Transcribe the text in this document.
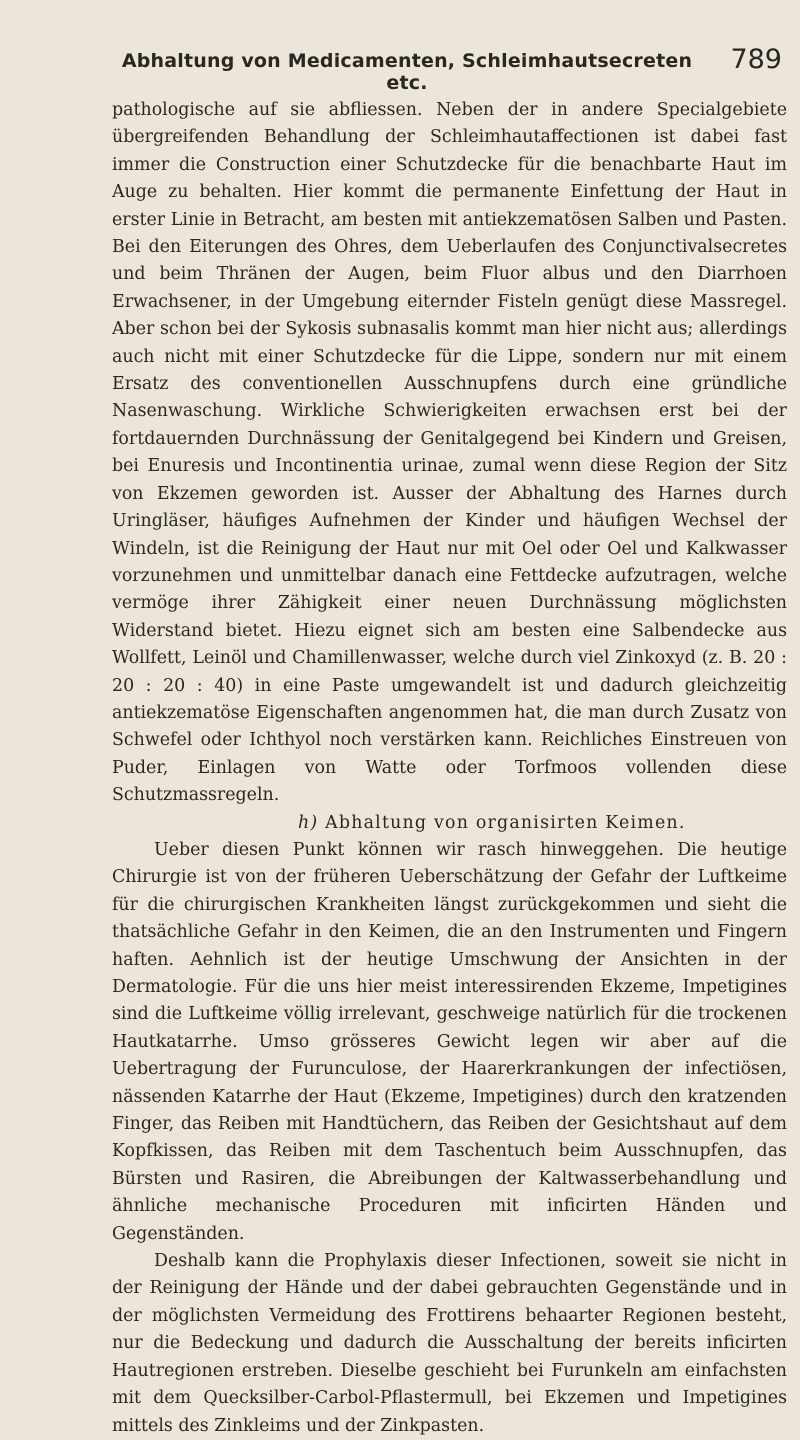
Abhaltung von Medicamenten, Schleimhautsecreten etc.
789

pathologische auf sie abfliessen. Neben der in andere Specialgebiete übergreifenden Behandlung der Schleimhautaffectionen ist dabei fast immer die Construction einer Schutzdecke für die benachbarte Haut im Auge zu behalten. Hier kommt die permanente Einfettung der Haut in erster Linie in Betracht, am besten mit antiekzematösen Salben und Pasten. Bei den Eiterungen des Ohres, dem Ueberlaufen des Conjunctivalsecretes und beim Thränen der Augen, beim Fluor albus und den Diarrhoen Erwachsener, in der Umgebung eiternder Fisteln genügt diese Massregel. Aber schon bei der Sykosis subnasalis kommt man hier nicht aus; allerdings auch nicht mit einer Schutzdecke für die Lippe, sondern nur mit einem Ersatz des conventionellen Ausschnupfens durch eine gründliche Nasenwaschung. Wirkliche Schwierigkeiten erwachsen erst bei der fortdauernden Durchnässung der Genitalgegend bei Kindern und Greisen, bei Enuresis und Incontinentia urinae, zumal wenn diese Region der Sitz von Ekzemen geworden ist. Ausser der Abhaltung des Harnes durch Uringläser, häufiges Aufnehmen der Kinder und häufigen Wechsel der Windeln, ist die Reinigung der Haut nur mit Oel oder Oel und Kalkwasser vorzunehmen und unmittelbar danach eine Fettdecke aufzutragen, welche vermöge ihrer Zähigkeit einer neuen Durchnässung möglichsten Widerstand bietet. Hiezu eignet sich am besten eine Salbendecke aus Wollfett, Leinöl und Chamillenwasser, welche durch viel Zinkoxyd (z. B. 20 : 20 : 20 : 40) in eine Paste umgewandelt ist und dadurch gleichzeitig antiekzematöse Eigenschaften angenommen hat, die man durch Zusatz von Schwefel oder Ichthyol noch verstärken kann. Reichliches Einstreuen von Puder, Einlagen von Watte oder Torfmoos vollenden diese Schutzmassregeln.

h) Abhaltung von organisirten Keimen.

Ueber diesen Punkt können wir rasch hinweggehen. Die heutige Chirurgie ist von der früheren Ueberschätzung der Gefahr der Luftkeime für die chirurgischen Krankheiten längst zurückgekommen und sieht die thatsächliche Gefahr in den Keimen, die an den Instrumenten und Fingern haften. Aehnlich ist der heutige Umschwung der Ansichten in der Dermatologie. Für die uns hier meist interessirenden Ekzeme, Impetigines sind die Luftkeime völlig irrelevant, geschweige natürlich für die trockenen Hautkatarrhe. Umso grösseres Gewicht legen wir aber auf die Uebertragung der Furunculose, der Haarerkrankungen der infectiösen, nässenden Katarrhe der Haut (Ekzeme, Impetigines) durch den kratzenden Finger, das Reiben mit Handtüchern, das Reiben der Gesichtshaut auf dem Kopfkissen, das Reiben mit dem Taschentuch beim Ausschnupfen, das Bürsten und Rasiren, die Abreibungen der Kaltwasserbehandlung und ähnliche mechanische Proceduren mit inficirten Händen und Gegenständen.

Deshalb kann die Prophylaxis dieser Infectionen, soweit sie nicht in der Reinigung der Hände und der dabei gebrauchten Gegenstände und in der möglichsten Vermeidung des Frottirens behaarter Regionen besteht, nur die Bedeckung und dadurch die Ausschaltung der bereits inficirten Hautregionen erstreben. Dieselbe geschieht bei Furunkeln am einfachsten mit dem Quecksilber-Carbol-Pflastermull, bei Ekzemen und Impetigines mittels des Zinkleims und der Zinkpasten.
